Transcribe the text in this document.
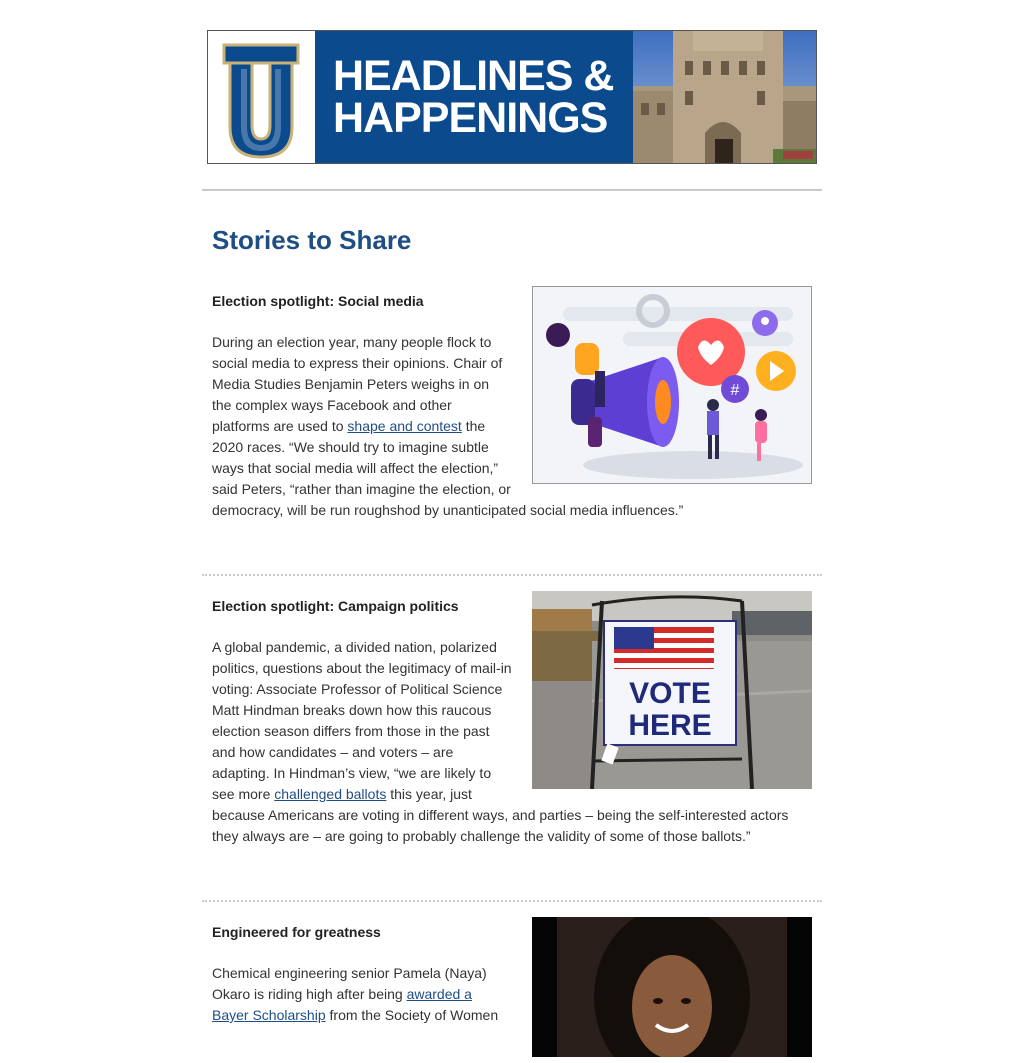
U
HEADLINES &
HAPPENINGS
Stories to Share
Election spotlight: Social media

#
During an election year, many people flock to social media to express their opinions. Chair of Media Studies Benjamin Peters weighs in on the complex ways Facebook and other platforms are used to shape and contest the 2020 races. “We should try to imagine subtle ways that social media will affect the election,” said Peters, “rather than imagine the election, or democracy, will be run roughshod by unanticipated social media influences.”

Election spotlight: Campaign politics

VOTE
HERE
A global pandemic, a divided nation, polarized politics, questions about the legitimacy of mail-in voting: Associate Professor of Political Science Matt Hindman breaks down how this raucous election season differs from those in the past and how candidates – and voters – are adapting. In Hindman’s view, “we are likely to see more challenged ballots this year, just because Americans are voting in different ways, and parties – being the self-interested actors they always are – are going to probably challenge the validity of some of those ballots.”

Engineered for greatness

Chemical engineering senior Pamela (Naya) Okaro is riding high after being awarded a Bayer Scholarship from the Society of Women
